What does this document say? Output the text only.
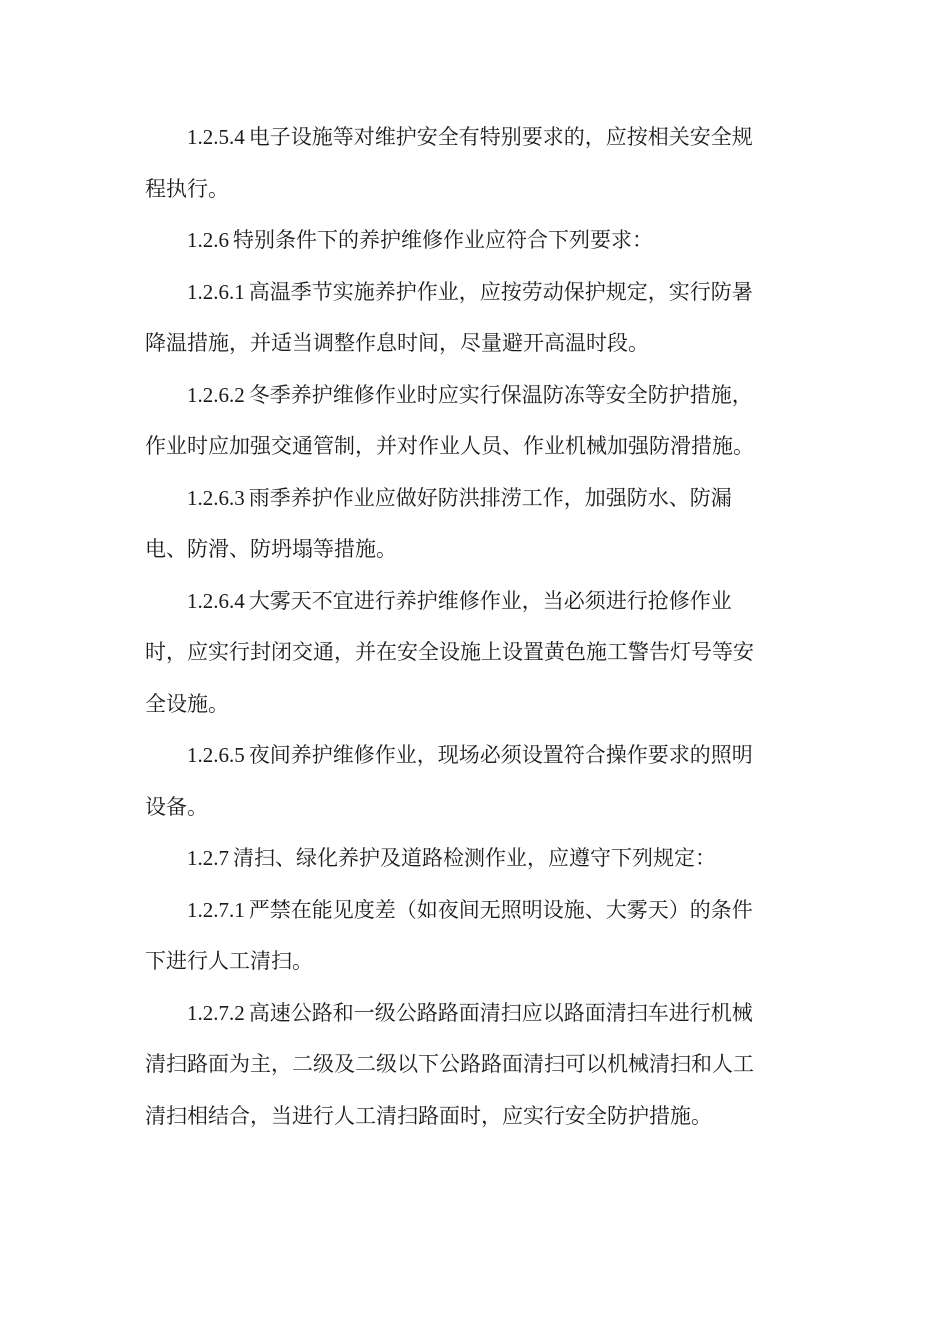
1.2.5.4 电子设施等对维护安全有特别要求的，应按相关安全规
程执行。
1.2.6 特别条件下的养护维修作业应符合下列要求：
1.2.6.1 高温季节实施养护作业，应按劳动保护规定，实行防暑
降温措施，并适当调整作息时间，尽量避开高温时段。
1.2.6.2 冬季养护维修作业时应实行保温防冻等安全防护措施，
作业时应加强交通管制，并对作业人员、作业机械加强防滑措施。
1.2.6.3 雨季养护作业应做好防洪排涝工作，加强防水、防漏
电、防滑、防坍塌等措施。
1.2.6.4 大雾天不宜进行养护维修作业，当必须进行抢修作业
时，应实行封闭交通，并在安全设施上设置黄色施工警告灯号等安
全设施。
1.2.6.5 夜间养护维修作业，现场必须设置符合操作要求的照明
设备。
1.2.7 清扫、绿化养护及道路检测作业，应遵守下列规定：
1.2.7.1 严禁在能见度差（如夜间无照明设施、大雾天）的条件
下进行人工清扫。
1.2.7.2 高速公路和一级公路路面清扫应以路面清扫车进行机械
清扫路面为主，二级及二级以下公路路面清扫可以机械清扫和人工
清扫相结合，当进行人工清扫路面时，应实行安全防护措施。
